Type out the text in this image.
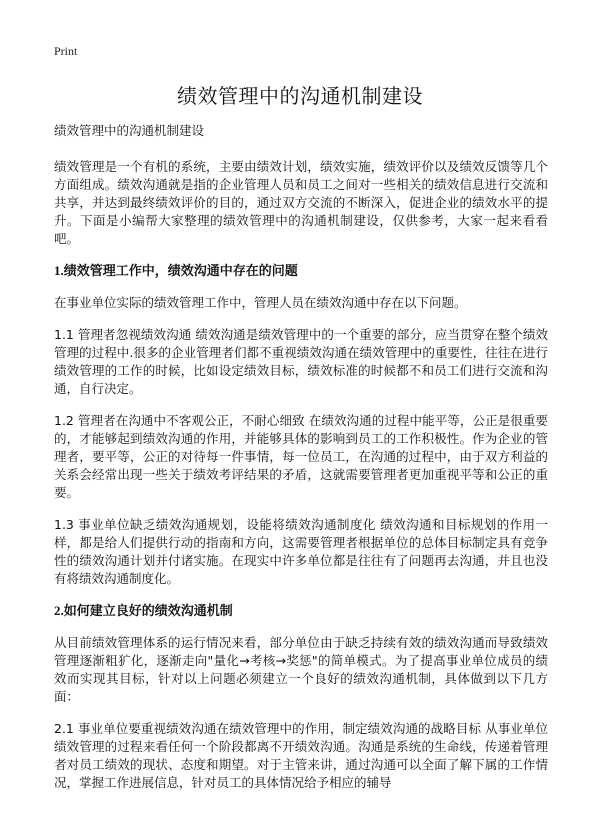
Print
绩效管理中的沟通机制建设

绩效管理中的沟通机制建设

绩效管理是一个有机的系统，主要由绩效计划，绩效实施，绩效评价以及绩效反馈等几个方面组成。绩效沟通就是指的企业管理人员和员工之间对一些相关的绩效信息进行交流和共享，并达到最终绩效评价的目的，通过双方交流的不断深入，促进企业的绩效水平的提升。下面是小编帮大家整理的绩效管理中的沟通机制建设，仅供参考，大家一起来看看吧。

1.绩效管理工作中，绩效沟通中存在的问题

在事业单位实际的绩效管理工作中，管理人员在绩效沟通中存在以下问题。

1.1 管理者忽视绩效沟通 绩效沟通是绩效管理中的一个重要的部分，应当贯穿在整个绩效管理的过程中.很多的企业管理者们都不重视绩效沟通在绩效管理中的重要性，往往在进行绩效管理的工作的时候，比如设定绩效目标，绩效标准的时候都不和员工们进行交流和沟通，自行决定。

1.2 管理者在沟通中不客观公正，不耐心细致 在绩效沟通的过程中能平等，公正是很重要的，才能够起到绩效沟通的作用，并能够具体的影响到员工的工作积极性。作为企业的管理者，要平等，公正的对待每一件事情，每一位员工，在沟通的过程中，由于双方利益的关系会经常出现一些关于绩效考评结果的矛盾，这就需要管理者更加重视平等和公正的重要。

1.3 事业单位缺乏绩效沟通规划，设能将绩效沟通制度化 绩效沟通和目标规划的作用一样，都是给人们提供行动的指南和方向，这需要管理者根据单位的总体目标制定具有竞争性的绩效沟通计划并付诸实施。在现实中许多单位都是往往有了问题再去沟通，并且也没有将绩效沟通制度化。

2.如何建立良好的绩效沟通机制

从目前绩效管理体系的运行情况来看，部分单位由于缺乏持续有效的绩效沟通而导致绩效管理逐渐粗犷化，逐渐走向"量化→考核→奖惩"的简单模式。为了提高事业单位成员的绩效而实现其目标，针对以上问题必须建立一个良好的绩效沟通机制，具体做到以下几方面：

2.1 事业单位要重视绩效沟通在绩效管理中的作用，制定绩效沟通的战略目标 从事业单位绩效管理的过程来看任何一个阶段都离不开绩效沟通。沟通是系统的生命线，传递着管理者对员工绩效的现状、态度和期望。对于主管来讲，通过沟通可以全面了解下属的工作情况，掌握工作进展信息，针对员工的具体情况给予相应的辅导
